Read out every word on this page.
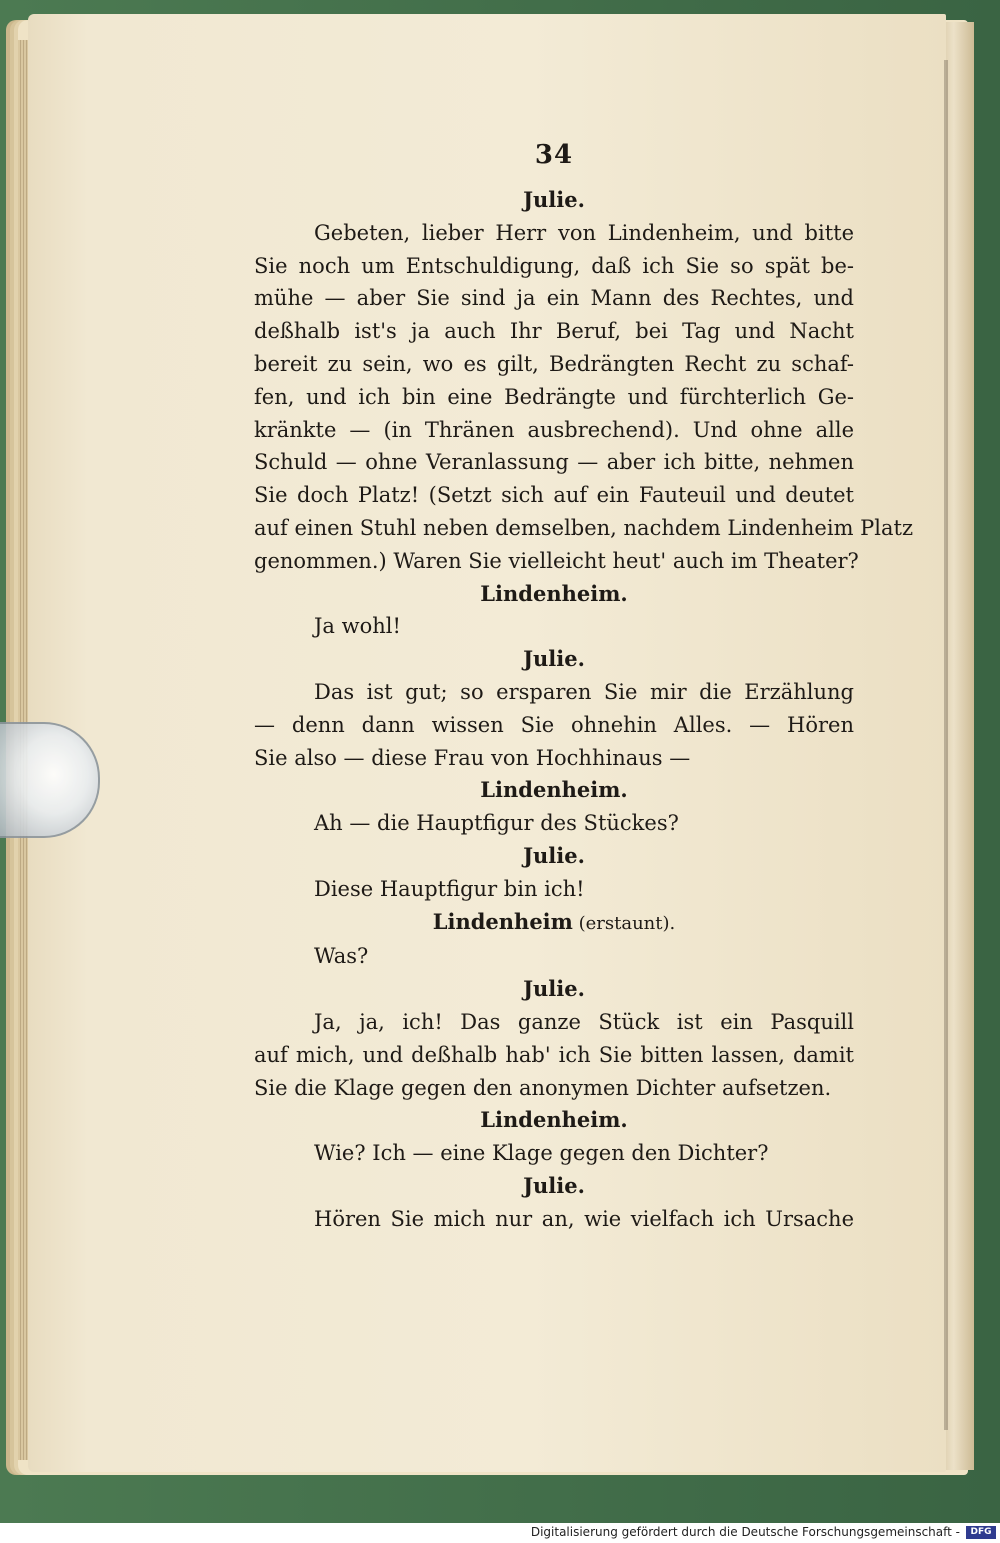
34
Julie.
Gebeten, lieber Herr von Lindenheim, und bitte
Sie noch um Entschuldigung, daß ich Sie so spät be-
mühe — aber Sie sind ja ein Mann des Rechtes, und
deßhalb ist's ja auch Ihr Beruf, bei Tag und Nacht
bereit zu sein, wo es gilt, Bedrängten Recht zu schaf-
fen, und ich bin eine Bedrängte und fürchterlich Ge-
kränkte — (in Thränen ausbrechend). Und ohne alle
Schuld — ohne Veranlassung — aber ich bitte, nehmen
Sie doch Platz! (Setzt sich auf ein Fauteuil und deutet
auf einen Stuhl neben demselben, nachdem Lindenheim Platz
genommen.) Waren Sie vielleicht heut' auch im Theater?
Lindenheim.
Ja wohl!
Julie.
Das ist gut; so ersparen Sie mir die Erzählung
— denn dann wissen Sie ohnehin Alles. — Hören
Sie also — diese Frau von Hochhinaus —
Lindenheim.
Ah — die Hauptfigur des Stückes?
Julie.
Diese Hauptfigur bin ich!
Lindenheim (erstaunt).
Was?
Julie.
Ja, ja, ich! Das ganze Stück ist ein Pasquill
auf mich, und deßhalb hab' ich Sie bitten lassen, damit
Sie die Klage gegen den anonymen Dichter aufsetzen.
Lindenheim.
Wie? Ich — eine Klage gegen den Dichter?
Julie.
Hören Sie mich nur an, wie vielfach ich Ursache
Digitalisierung gefördert durch die Deutsche Forschungsgemeinschaft -	DFG
